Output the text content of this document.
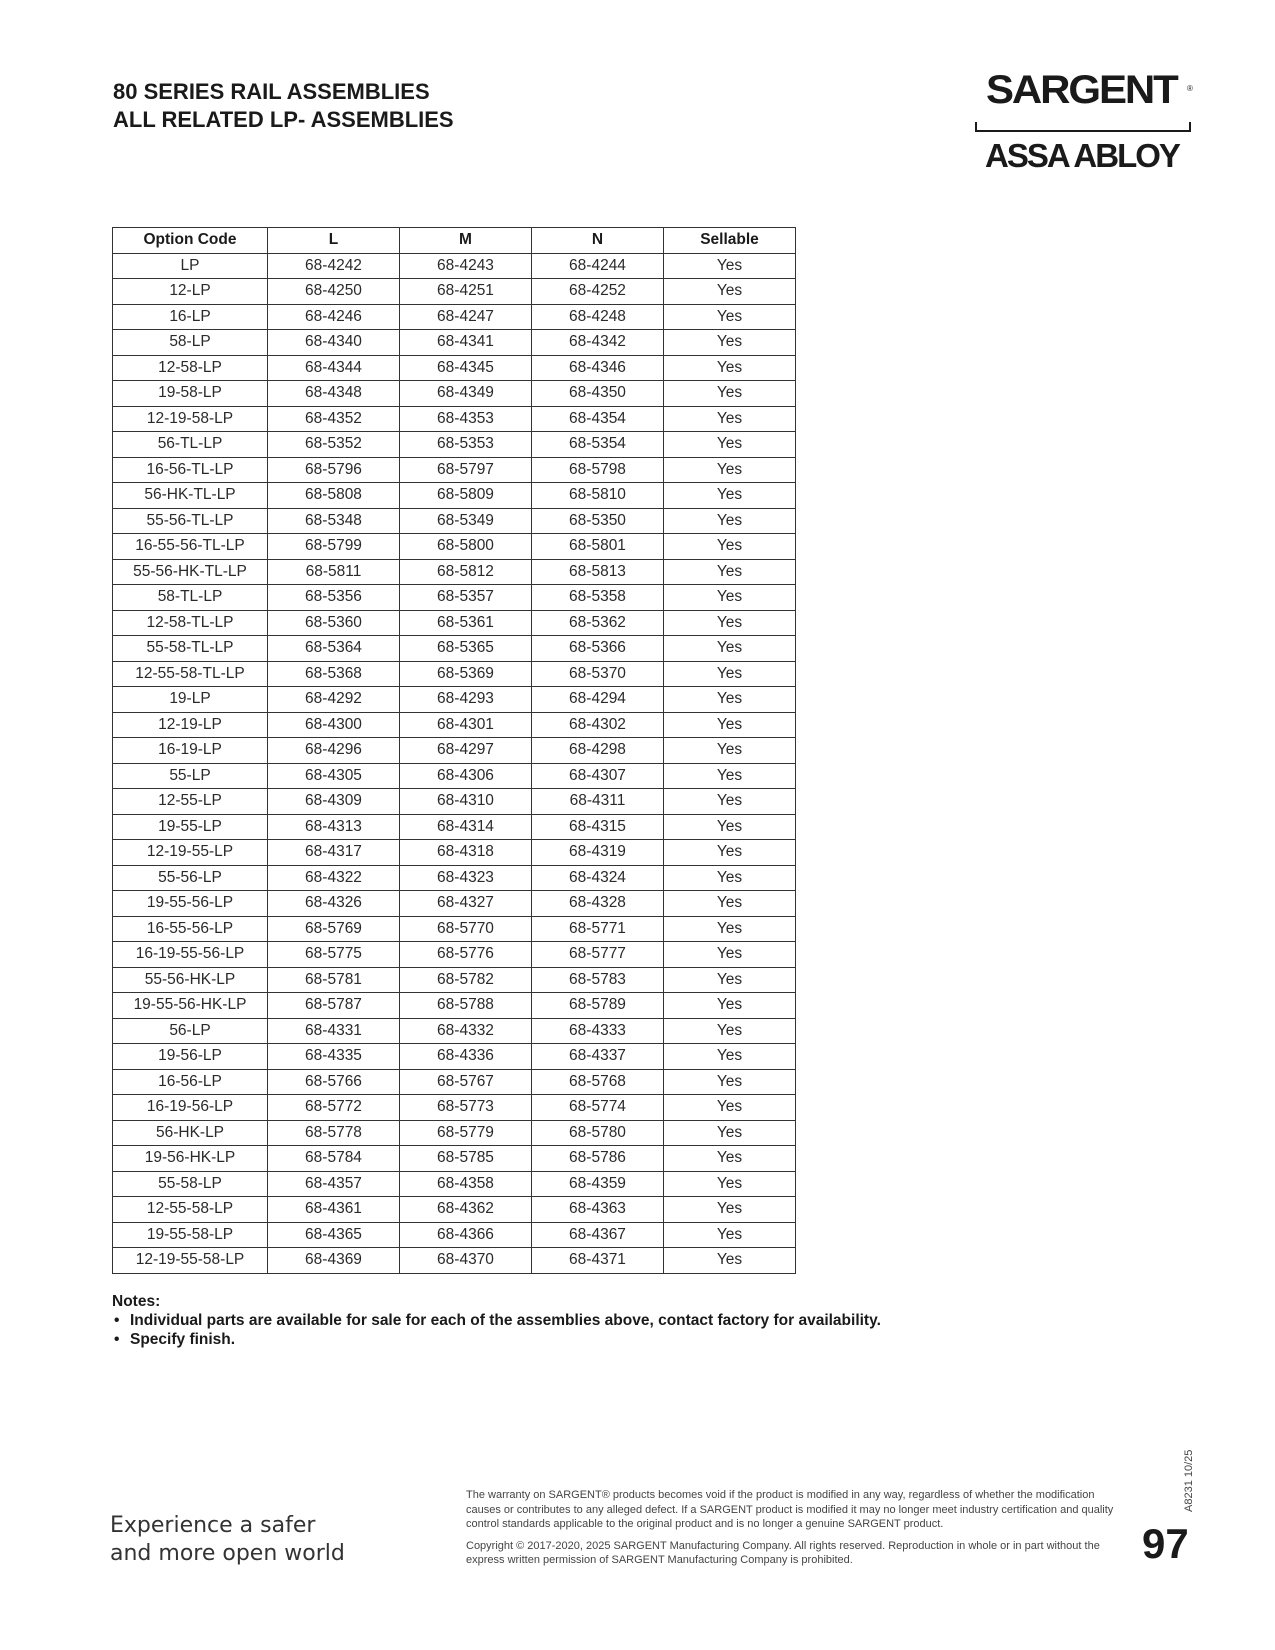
80 SERIES RAIL ASSEMBLIES
ALL RELATED LP- ASSEMBLIES
SARGENT ®
ASSA ABLOY
Option Code	L	M	N	Sellable
LP	68-4242	68-4243	68-4244	Yes
12-LP	68-4250	68-4251	68-4252	Yes
16-LP	68-4246	68-4247	68-4248	Yes
58-LP	68-4340	68-4341	68-4342	Yes
12-58-LP	68-4344	68-4345	68-4346	Yes
19-58-LP	68-4348	68-4349	68-4350	Yes
12-19-58-LP	68-4352	68-4353	68-4354	Yes
56-TL-LP	68-5352	68-5353	68-5354	Yes
16-56-TL-LP	68-5796	68-5797	68-5798	Yes
56-HK-TL-LP	68-5808	68-5809	68-5810	Yes
55-56-TL-LP	68-5348	68-5349	68-5350	Yes
16-55-56-TL-LP	68-5799	68-5800	68-5801	Yes
55-56-HK-TL-LP	68-5811	68-5812	68-5813	Yes
58-TL-LP	68-5356	68-5357	68-5358	Yes
12-58-TL-LP	68-5360	68-5361	68-5362	Yes
55-58-TL-LP	68-5364	68-5365	68-5366	Yes
12-55-58-TL-LP	68-5368	68-5369	68-5370	Yes
19-LP	68-4292	68-4293	68-4294	Yes
12-19-LP	68-4300	68-4301	68-4302	Yes
16-19-LP	68-4296	68-4297	68-4298	Yes
55-LP	68-4305	68-4306	68-4307	Yes
12-55-LP	68-4309	68-4310	68-4311	Yes
19-55-LP	68-4313	68-4314	68-4315	Yes
12-19-55-LP	68-4317	68-4318	68-4319	Yes
55-56-LP	68-4322	68-4323	68-4324	Yes
19-55-56-LP	68-4326	68-4327	68-4328	Yes
16-55-56-LP	68-5769	68-5770	68-5771	Yes
16-19-55-56-LP	68-5775	68-5776	68-5777	Yes
55-56-HK-LP	68-5781	68-5782	68-5783	Yes
19-55-56-HK-LP	68-5787	68-5788	68-5789	Yes
56-LP	68-4331	68-4332	68-4333	Yes
19-56-LP	68-4335	68-4336	68-4337	Yes
16-56-LP	68-5766	68-5767	68-5768	Yes
16-19-56-LP	68-5772	68-5773	68-5774	Yes
56-HK-LP	68-5778	68-5779	68-5780	Yes
19-56-HK-LP	68-5784	68-5785	68-5786	Yes
55-58-LP	68-4357	68-4358	68-4359	Yes
12-55-58-LP	68-4361	68-4362	68-4363	Yes
19-55-58-LP	68-4365	68-4366	68-4367	Yes
12-19-55-58-LP	68-4369	68-4370	68-4371	Yes
Notes:
• Individual parts are available for sale for each of the assemblies above, contact factory for availability.
• Specify finish.
A8231 10/25
Experience a safer
and more open world

The warranty on SARGENT® products becomes void if the product is modified in any way, regardless of whether the modification causes or contributes to any alleged defect. If a SARGENT product is modified it may no longer meet industry certification and quality control standards applicable to the original product and is no longer a genuine SARGENT product.

Copyright © 2017-2020, 2025 SARGENT Manufacturing Company. All rights reserved. Reproduction in whole or in part without the express written permission of SARGENT Manufacturing Company is prohibited.	97
